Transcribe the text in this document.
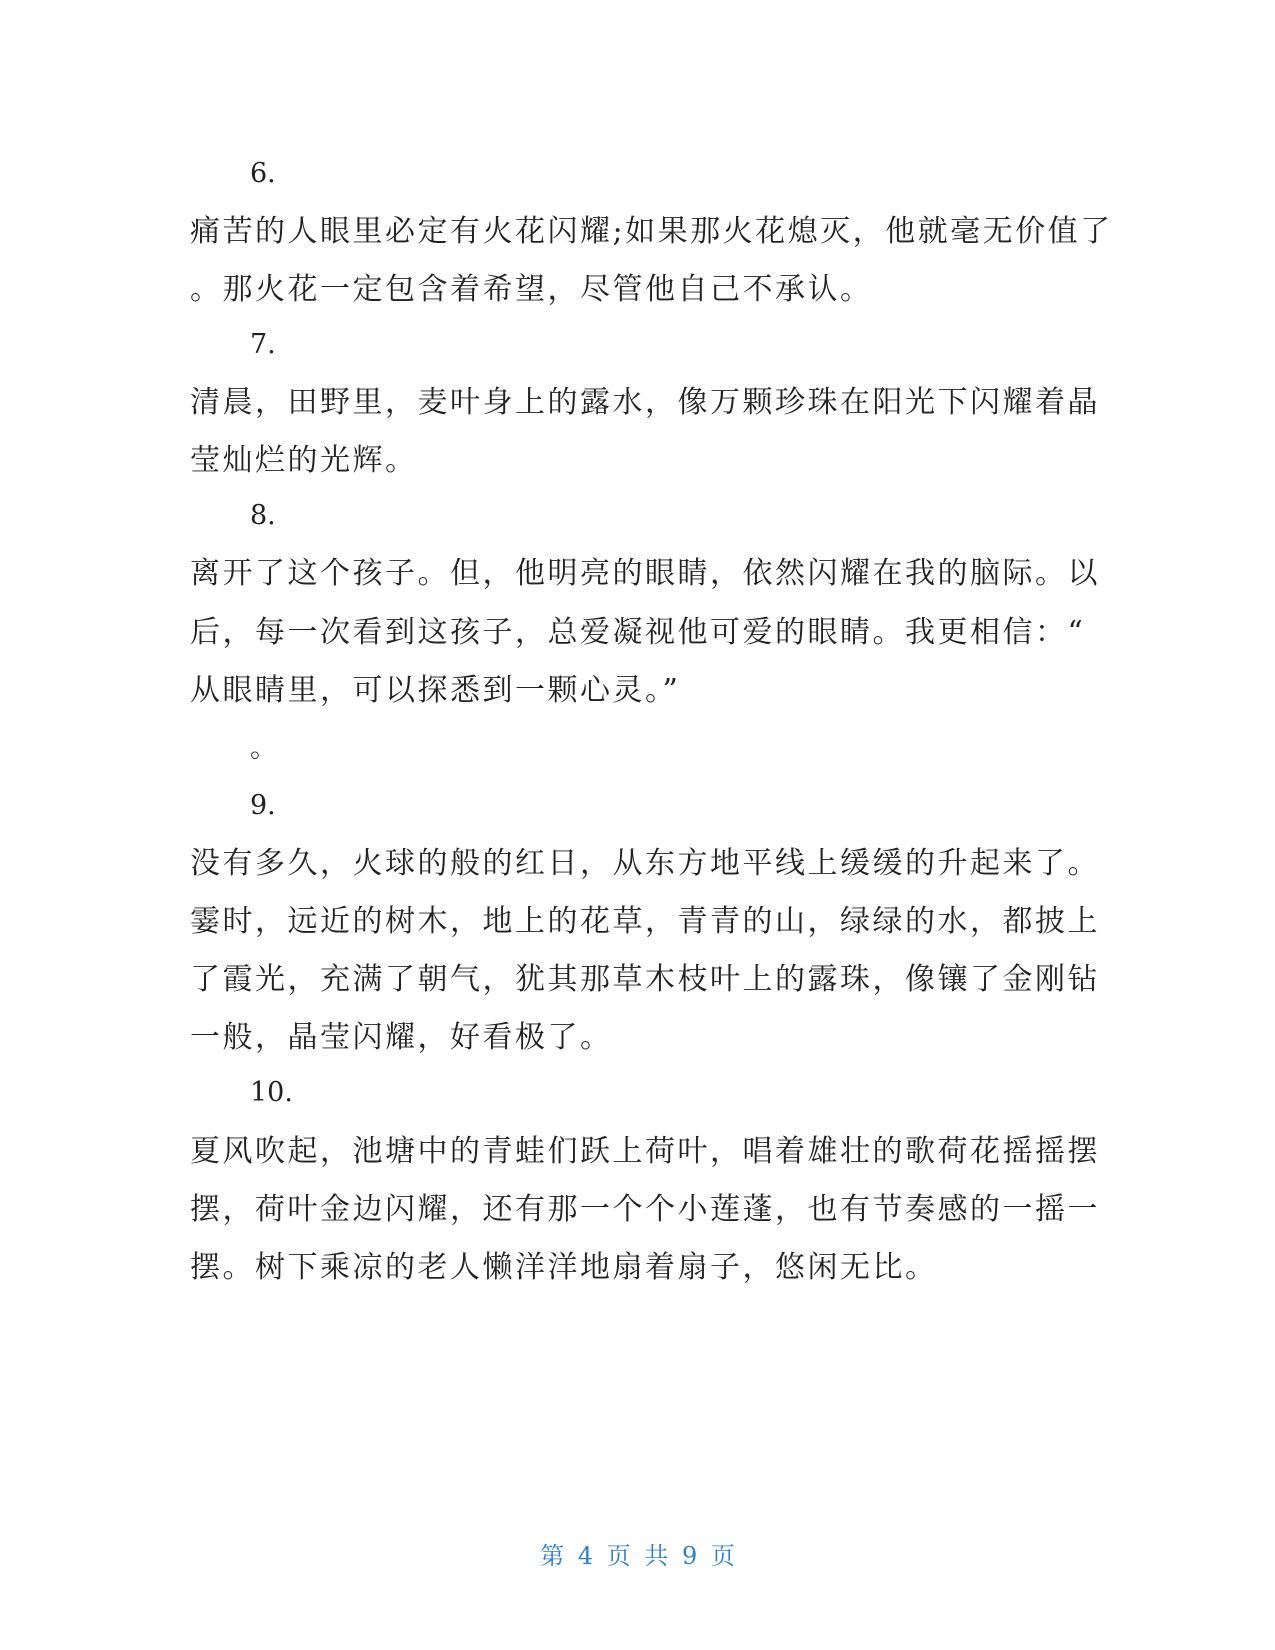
6.
痛苦的人眼里必定有火花闪耀;如果那火花熄灭，他就毫无价值了
。那火花一定包含着希望，尽管他自己不承认。
7.
清晨，田野里，麦叶身上的露水，像万颗珍珠在阳光下闪耀着晶
莹灿烂的光辉。
8.
离开了这个孩子。但，他明亮的眼睛，依然闪耀在我的脑际。以
后，每一次看到这孩子，总爱凝视他可爱的眼睛。我更相信：“
从眼睛里，可以探悉到一颗心灵。”
。
9.
没有多久，火球的般的红日，从东方地平线上缓缓的升起来了。
霎时，远近的树木，地上的花草，青青的山，绿绿的水，都披上
了霞光，充满了朝气，犹其那草木枝叶上的露珠，像镶了金刚钻
一般，晶莹闪耀，好看极了。
10.
夏风吹起，池塘中的青蛙们跃上荷叶，唱着雄壮的歌荷花摇摇摆
摆，荷叶金边闪耀，还有那一个个小莲蓬，也有节奏感的一摇一
摆。树下乘凉的老人懒洋洋地扇着扇子，悠闲无比。
第 4 页 共 9 页
